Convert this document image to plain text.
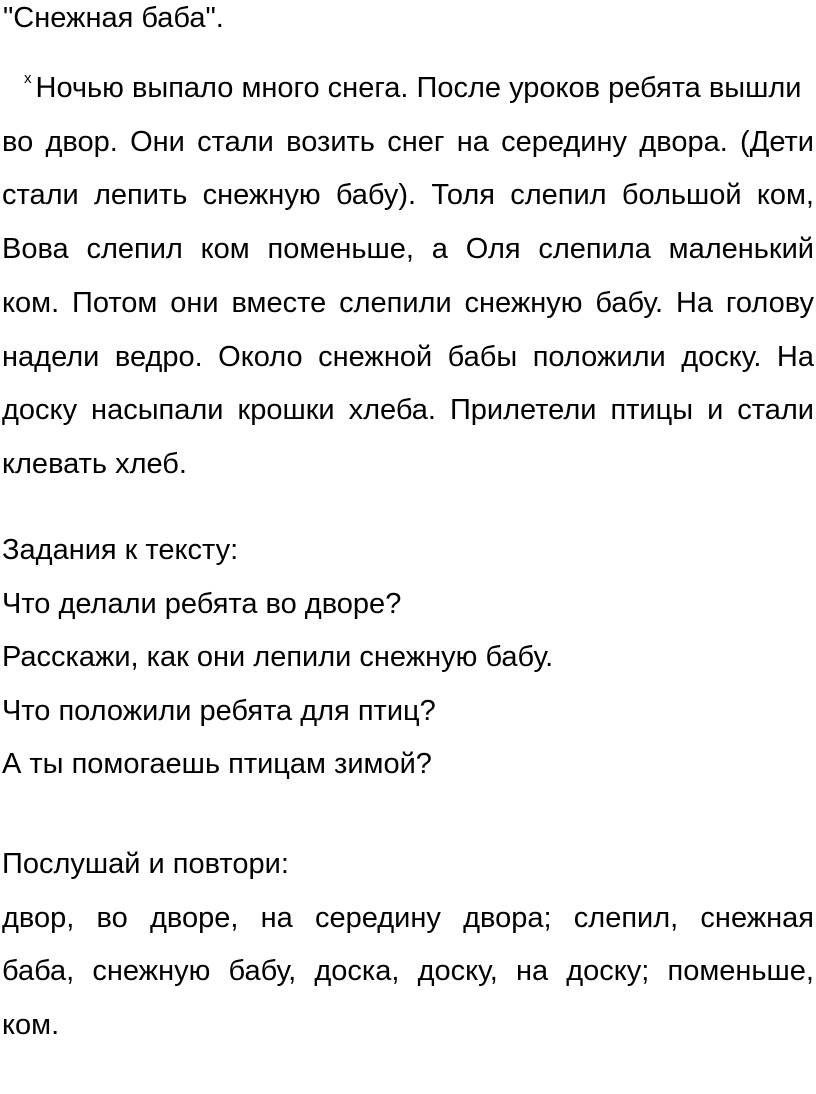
"Снежная баба".
$^x$ Ночью выпало много снега. После уроков ребята вышли
во двор. Они стали возить снег на середину двора. (Дети
стали лепить снежную бабу). Толя слепил большой ком,
Вова слепил ком поменьше, а Оля слепила маленький
ком. Потом они вместе слепили снежную бабу. На голову
надели ведро. Около снежной бабы положили доску. На
доску насыпали крошки хлеба. Прилетели птицы и стали
клевать хлеб.
Задания к тексту:
Что делали ребята во дворе?
Расскажи, как они лепили снежную бабу.
Что положили ребята для птиц?
А ты помогаешь птицам зимой?
Послушай и повтори:
двор, во дворе, на середину двора; слепил, снежная
баба, снежную бабу, доска, доску, на доску; поменьше,
ком.
